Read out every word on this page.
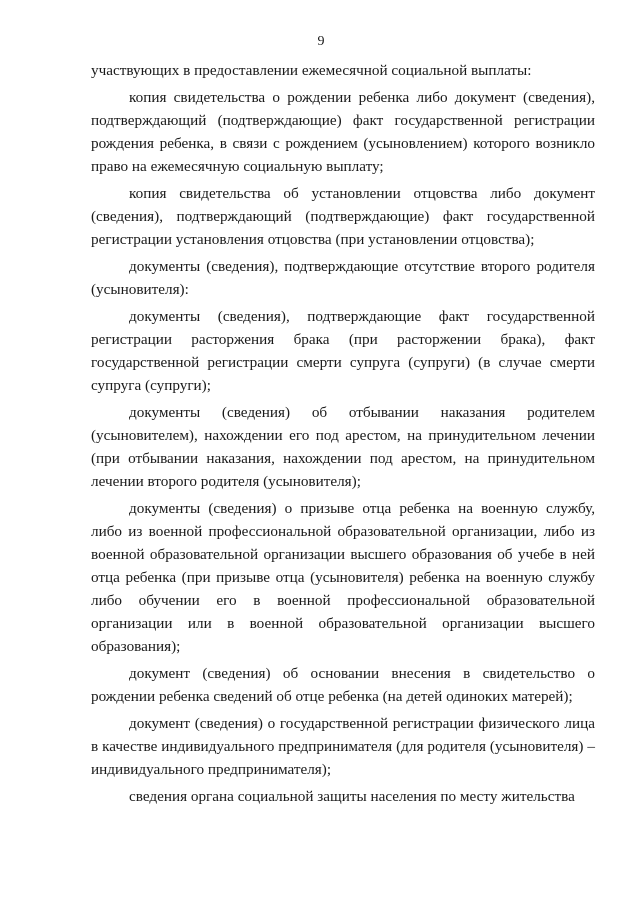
9

участвующих в предоставлении ежемесячной социальной выплаты:

копия свидетельства о рождении ребенка либо документ (сведения), подтверждающий (подтверждающие) факт государственной регистрации рождения ребенка, в связи с рождением (усыновлением) которого возникло право на ежемесячную социальную выплату;

копия свидетельства об установлении отцовства либо документ (сведения), подтверждающий (подтверждающие) факт государственной регистрации установления отцовства (при установлении отцовства);

документы (сведения), подтверждающие отсутствие второго родителя (усыновителя):

документы (сведения), подтверждающие факт государственной регистрации расторжения брака (при расторжении брака), факт государственной регистрации смерти супруга (супруги) (в случае смерти супруга (супруги);

документы (сведения) об отбывании наказания родителем (усыновителем), нахождении его под арестом, на принудительном лечении (при отбывании наказания, нахождении под арестом, на принудительном лечении второго родителя (усыновителя);

документы (сведения) о призыве отца ребенка на военную службу, либо из военной профессиональной образовательной организации, либо из военной образовательной организации высшего образования об учебе в ней отца ребенка (при призыве отца (усыновителя) ребенка на военную службу либо обучении его в военной профессиональной образовательной организации или в военной образовательной организации высшего образования);

документ (сведения) об основании внесения в свидетельство о рождении ребенка сведений об отце ребенка (на детей одиноких матерей);

документ (сведения) о государственной регистрации физического лица в качестве индивидуального предпринимателя (для родителя (усыновителя) – индивидуального предпринимателя);

сведения органа социальной защиты населения по месту жительства
